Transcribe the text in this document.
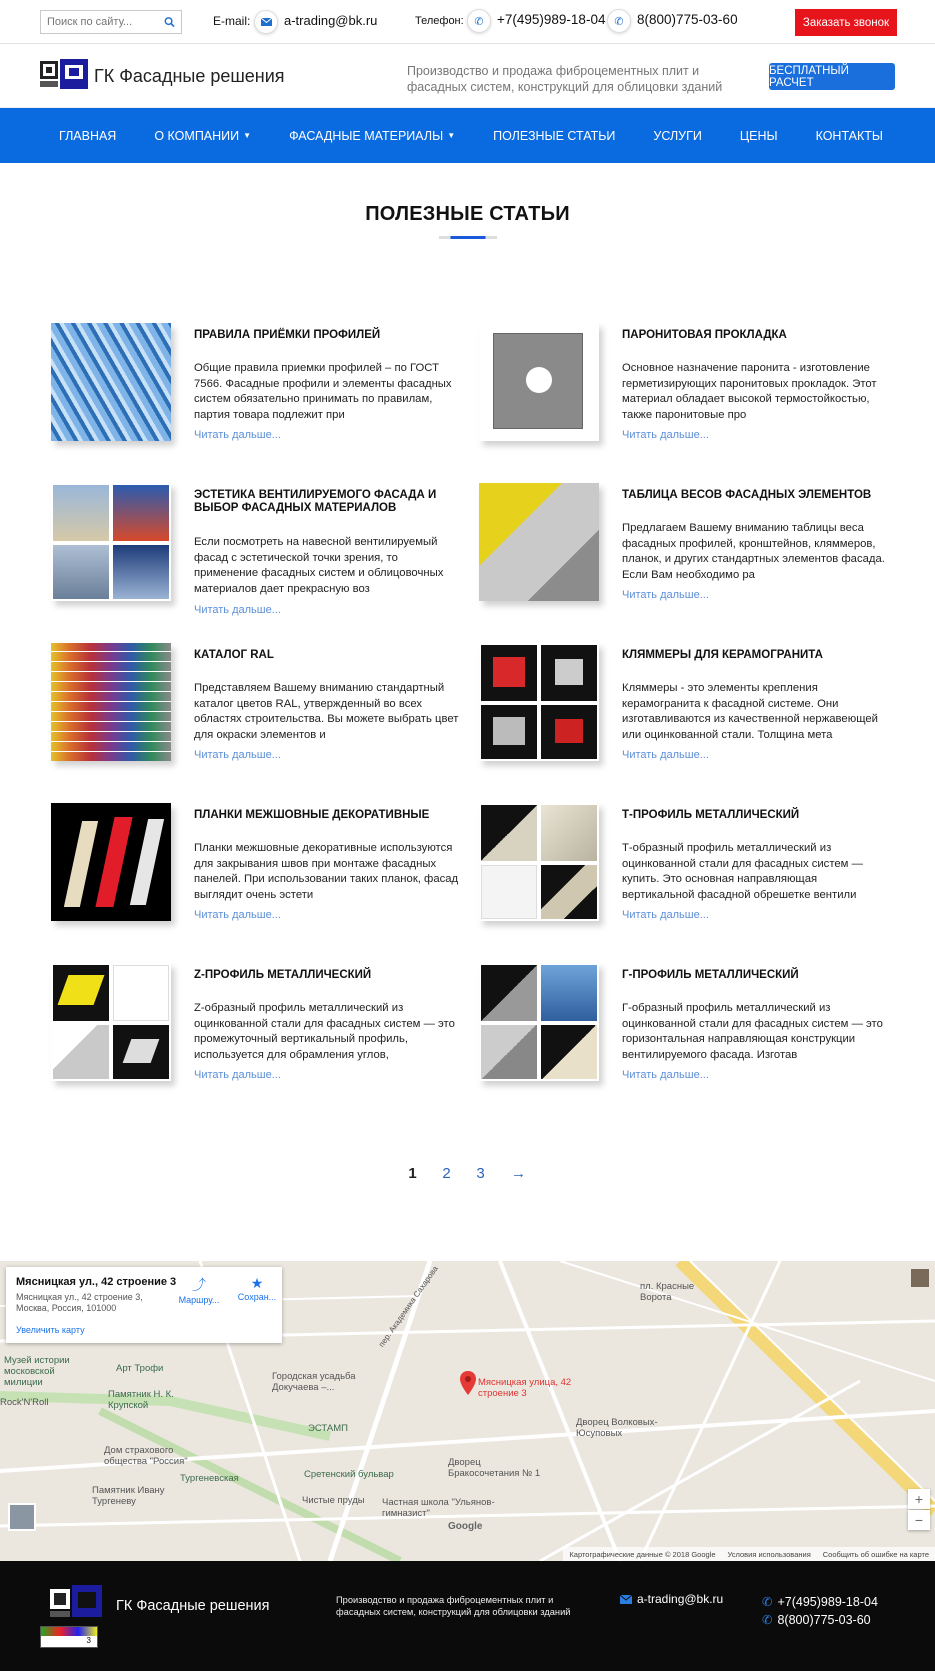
Поиск по сайту...
E-mail:	a-trading@bk.ru	Телефон: ✆ +7(495)989-18-04 ✆ 8(800)775-03-60	Заказать звонок
ГК Фасадные решения	Производство и продажа фиброцементных плит и фасадных систем, конструкций для облицовки зданий
БЕСПЛАТНЫЙ РАСЧЕТ
ГЛАВНАЯ	О КОМПАНИИ ▼	ФАСАДНЫЕ МАТЕРИАЛЫ ▼	ПОЛЕЗНЫЕ СТАТЬИ	УСЛУГИ	ЦЕНЫ	КОНТАКТЫ
ПОЛЕЗНЫЕ СТАТЬИ
ПРАВИЛА ПРИЁМКИ ПРОФИЛЕЙ
Общие правила приемки профилей – по ГОСТ 7566. Фасадные профили и элементы фасадных систем обязательно принимать по правилам, партия товара подлежит при
Читать дальше...
ПАРОНИТОВАЯ ПРОКЛАДКА
Основное назначение паронита - изготовление герметизирующих паронитовых прокладок. Этот материал обладает высокой термостойкостью, также паронитовые про
Читать дальше...
ЭСТЕТИКА ВЕНТИЛИРУЕМОГО ФАСАДА И ВЫБОР ФАСАДНЫХ МАТЕРИАЛОВ
Если посмотреть на навесной вентилируемый фасад с эстетической точки зрения, то применение фасадных систем и облицовочных материалов дает прекрасную воз
Читать дальше...
ТАБЛИЦА ВЕСОВ ФАСАДНЫХ ЭЛЕМЕНТОВ
Предлагаем Вашему вниманию таблицы веса фасадных профилей, кронштейнов, кляммеров, планок, и других стандартных элементов фасада. Если Вам необходимо ра
Читать дальше...
КАТАЛОГ RAL
Представляем Вашему вниманию стандартный каталог цветов RAL, утвержденный во всех областях строительства. Вы можете выбрать цвет для окраски элементов и
Читать дальше...
КЛЯММЕРЫ ДЛЯ КЕРАМОГРАНИТА
Кляммеры - это элементы крепления керамогранита к фасадной системе. Они изготавливаются из качественной нержавеющей или оцинкованной стали. Толщина мета
Читать дальше...
ПЛАНКИ МЕЖШОВНЫЕ ДЕКОРАТИВНЫЕ
Планки межшовные декоративные используются для закрывания швов при монтаже фасадных панелей. При использовании таких планок, фасад выглядит очень эстети
Читать дальше...
Т-ПРОФИЛЬ МЕТАЛЛИЧЕСКИЙ
Т-образный профиль металлический из оцинкованной стали для фасадных систем — купить. Это основная направляющая вертикальной фасадной обрешетке вентили
Читать дальше...
Z-ПРОФИЛЬ МЕТАЛЛИЧЕСКИЙ
Z-образный профиль металлический из оцинкованной стали для фасадных систем — это промежуточный вертикальный профиль, используется для обрамления углов,
Читать дальше...
Г-ПРОФИЛЬ МЕТАЛЛИЧЕСКИЙ
Г-образный профиль металлический из оцинкованной стали для фасадных систем — это горизонтальная направляющая конструкции вентилируемого фасада. Изготав
Читать дальше...
1 2 3 →
Мясницкая ул., 42 строение 3
Мясницкая ул., 42 строение 3, Москва, Россия, 101000
⤴
Маршру...
★
Сохран...
Увеличить карту
Мясницкая улица, 42 строение 3
Музей истории московской милиции
Арт Трофи
Памятник Н. К. Крупской
Rock'N'Roll
Городская усадьба Докучаева –...
ЭСТАМП
Дом страхового общества "Россия"
Тургеневская
Памятник Ивану Тургеневу
Сретенский бульвар
Чистые пруды
Дворец Бракосочетания № 1
Частная школа "Ульянов-гимназист"
Дворец Волковых-Юсуповых
пл. Красные Ворота
пер. Академика Сахарова
Google
+
−
Картографические данные © 2018 Google Условия использования Сообщить об ошибке на карте
ГК Фасадные решения	Производство и продажа фиброцементных плит и фасадных систем, конструкций для облицовки зданий
a-trading@bk.ru	✆ +7(495)989-18-04
✆ 8(800)775-03-60
3
